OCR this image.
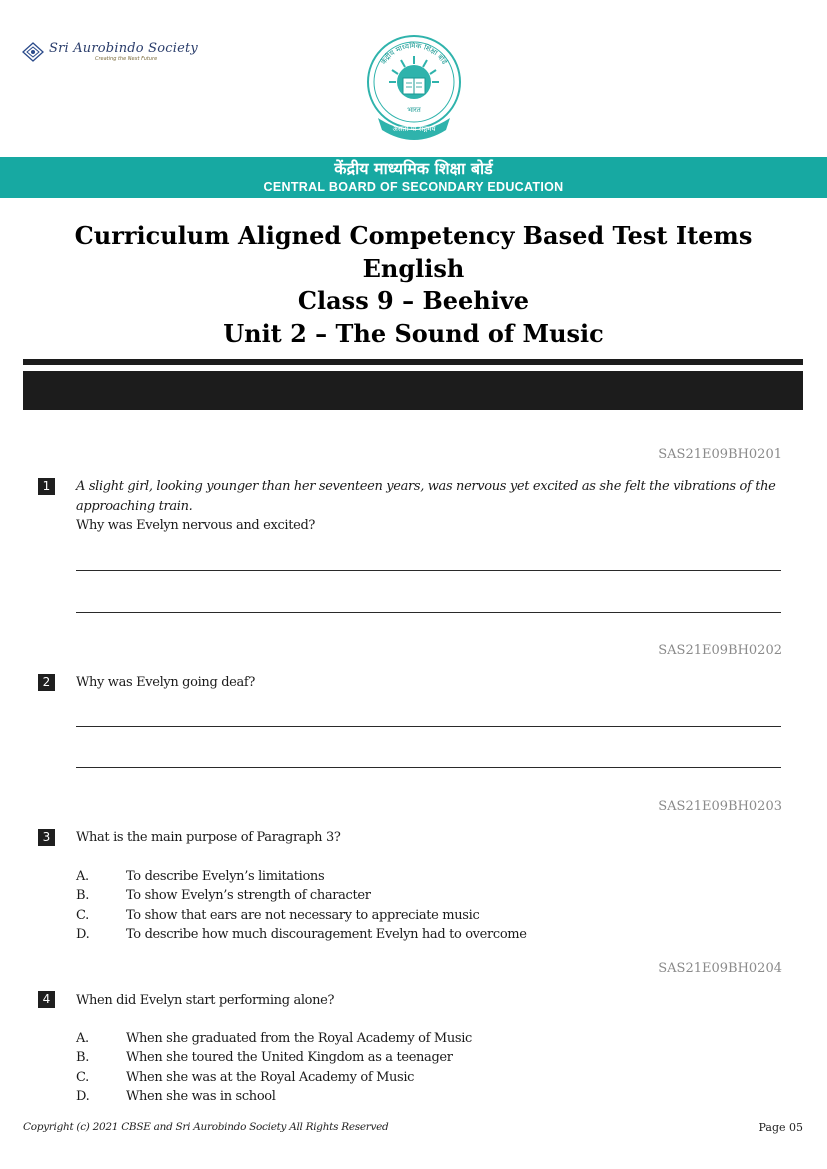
Sri Aurobindo Society
Creating the Next Future	केंद्रीय माध्यमिक शिक्षा बोर्ड
भारत
असतो मा सद्गमय
केंद्रीय माध्यमिक शिक्षा बोर्ड
CENTRAL BOARD OF SECONDARY EDUCATION
Curriculum Aligned Competency Based Test Items
English
Class 9 – Beehive
Unit 2 – The Sound of Music
SAS21E09BH0201
1	A slight girl, looking younger than her seventeen years, was nervous yet excited as she felt the vibrations of the approaching train.
Why was Evelyn nervous and excited?
SAS21E09BH0202
2	Why was Evelyn going deaf?
SAS21E09BH0203
3	What is the main purpose of Paragraph 3?
A.	To describe Evelyn’s limitations
B.	To show Evelyn’s strength of character
C.	To show that ears are not necessary to appreciate music
D.	To describe how much discouragement Evelyn had to overcome
SAS21E09BH0204
4	When did Evelyn start performing alone?
A.	When she graduated from the Royal Academy of Music
B.	When she toured the United Kingdom as a teenager
C.	When she was at the Royal Academy of Music
D.	When she was in school
Copyright (c) 2021 CBSE and Sri Aurobindo Society All Rights Reserved	Page 05
